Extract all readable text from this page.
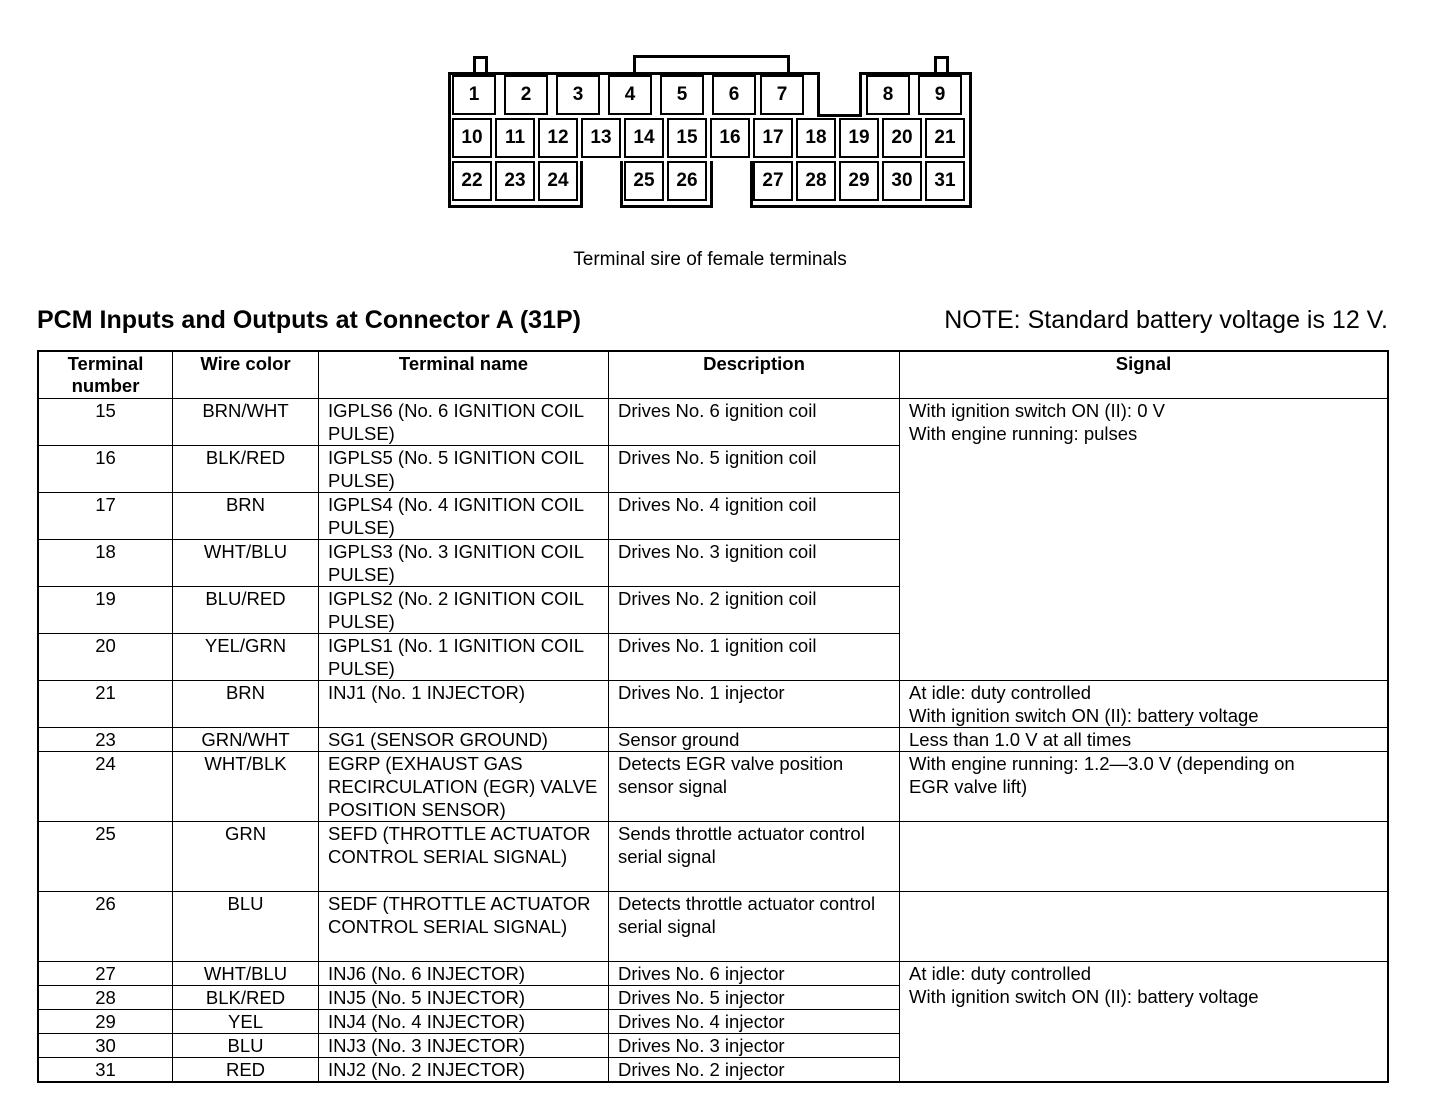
1	2	3	4	5	6	7	8	9
10	11	12	13	14	15	16	17	18	19	20	21
22	23	24	25	26	27	28	29	30	31
Terminal sire of female terminals
PCM Inputs and Outputs at Connector A (31P)	NOTE: Standard battery voltage is 12 V.
Terminal number	Wire color	Terminal name	Description	Signal
15	BRN/WHT	IGPLS6 (No. 6 IGNITION COIL PULSE)	Drives No. 6 ignition coil	With ignition switch ON (II): 0 V
With engine running: pulses

16	BLK/RED	IGPLS5 (No. 5 IGNITION COIL PULSE)	Drives No. 5 ignition coil	
17	BRN	IGPLS4 (No. 4 IGNITION COIL PULSE)	Drives No. 4 ignition coil	
18	WHT/BLU	IGPLS3 (No. 3 IGNITION COIL PULSE)	Drives No. 3 ignition coil	
19	BLU/RED	IGPLS2 (No. 2 IGNITION COIL PULSE)	Drives No. 2 ignition coil	
20	YEL/GRN	IGPLS1 (No. 1 IGNITION COIL PULSE)	Drives No. 1 ignition coil	
21	BRN	INJ1 (No. 1 INJECTOR)	Drives No. 1 injector	At idle: duty controlled
With ignition switch ON (II): battery voltage

23	GRN/WHT	SG1 (SENSOR GROUND)	Sensor ground	Less than 1.0 V at all times

24	WHT/BLK	EGRP (EXHAUST GAS RECIRCULATION (EGR) VALVE POSITION SENSOR)	Detects EGR valve position sensor signal	With engine running: 1.2—3.0 V (depending on
EGR valve lift)

25	GRN	SEFD (THROTTLE ACTUATOR CONTROL SERIAL SIGNAL)	Sends throttle actuator control serial signal	
26	BLU	SEDF (THROTTLE ACTUATOR CONTROL SERIAL SIGNAL)	Detects throttle actuator control serial signal	
27	WHT/BLU	INJ6 (No. 6 INJECTOR)	Drives No. 6 injector	At idle: duty controlled
With ignition switch ON (II): battery voltage

28	BLK/RED	INJ5 (No. 5 INJECTOR)	Drives No. 5 injector	
29	YEL	INJ4 (No. 4 INJECTOR)	Drives No. 4 injector	
30	BLU	INJ3 (No. 3 INJECTOR)	Drives No. 3 injector	
31	RED	INJ2 (No. 2 INJECTOR)	Drives No. 2 injector	
